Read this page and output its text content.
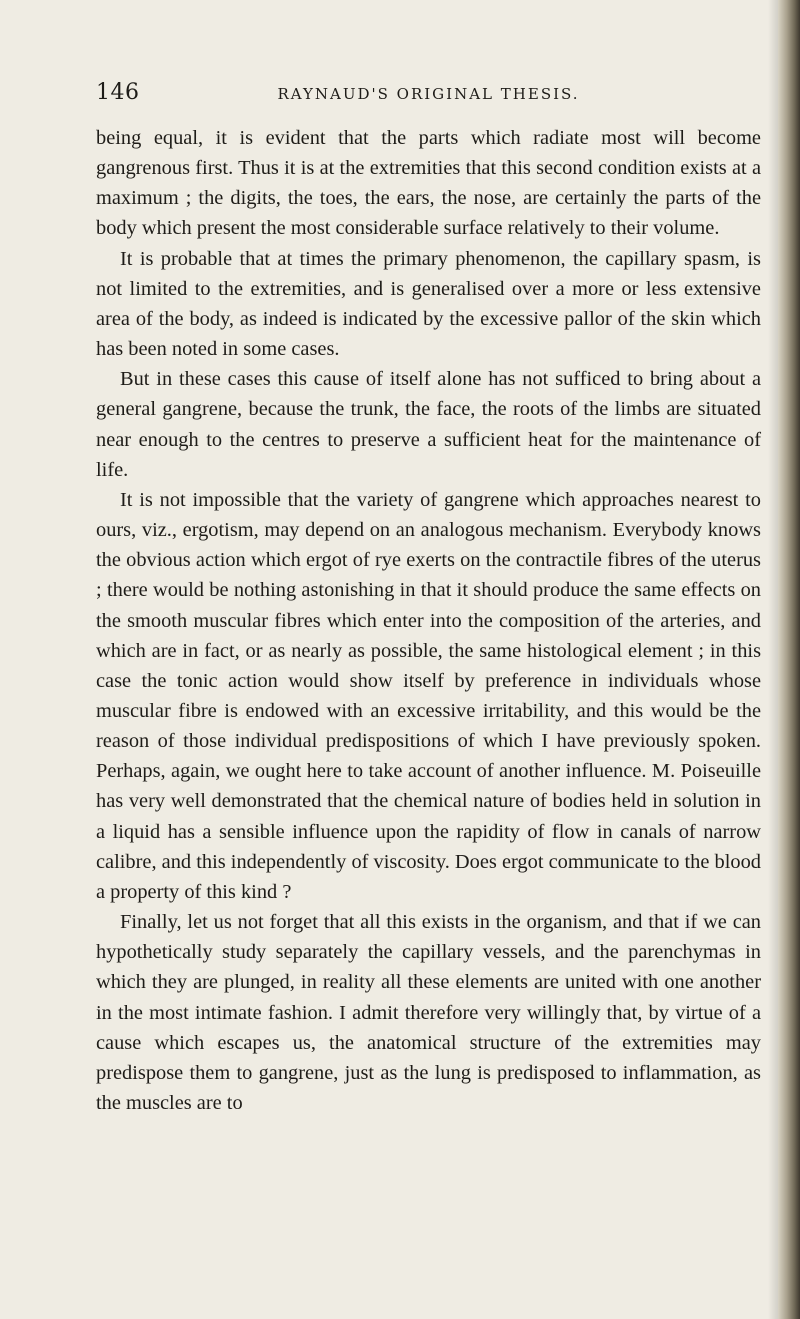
146	RAYNAUD'S ORIGINAL THESIS.

being equal, it is evident that the parts which radiate most will become gangrenous first. Thus it is at the extremities that this second condition exists at a maximum ; the digits, the toes, the ears, the nose, are certainly the parts of the body which present the most considerable surface relatively to their volume.

It is probable that at times the primary phenomenon, the capillary spasm, is not limited to the extremities, and is generalised over a more or less extensive area of the body, as indeed is indicated by the excessive pallor of the skin which has been noted in some cases.

But in these cases this cause of itself alone has not sufficed to bring about a general gangrene, because the trunk, the face, the roots of the limbs are situated near enough to the centres to preserve a sufficient heat for the maintenance of life.

It is not impossible that the variety of gangrene which approaches nearest to ours, viz., ergotism, may depend on an analogous mechanism. Everybody knows the obvious action which ergot of rye exerts on the contractile fibres of the uterus ; there would be nothing astonishing in that it should produce the same effects on the smooth muscular fibres which enter into the composition of the arteries, and which are in fact, or as nearly as possible, the same histological element ; in this case the tonic action would show itself by preference in individuals whose muscular fibre is endowed with an excessive irritability, and this would be the reason of those individual predispositions of which I have previously spoken. Perhaps, again, we ought here to take account of another influence. M. Poiseuille has very well demonstrated that the chemical nature of bodies held in solution in a liquid has a sensible influence upon the rapidity of flow in canals of narrow calibre, and this independently of viscosity. Does ergot communicate to the blood a property of this kind ?

Finally, let us not forget that all this exists in the organism, and that if we can hypothetically study separately the capillary vessels, and the parenchymas in which they are plunged, in reality all these elements are united with one another in the most intimate fashion. I admit therefore very willingly that, by virtue of a cause which escapes us, the anatomical structure of the extremities may predispose them to gangrene, just as the lung is predisposed to inflammation, as the muscles are to
